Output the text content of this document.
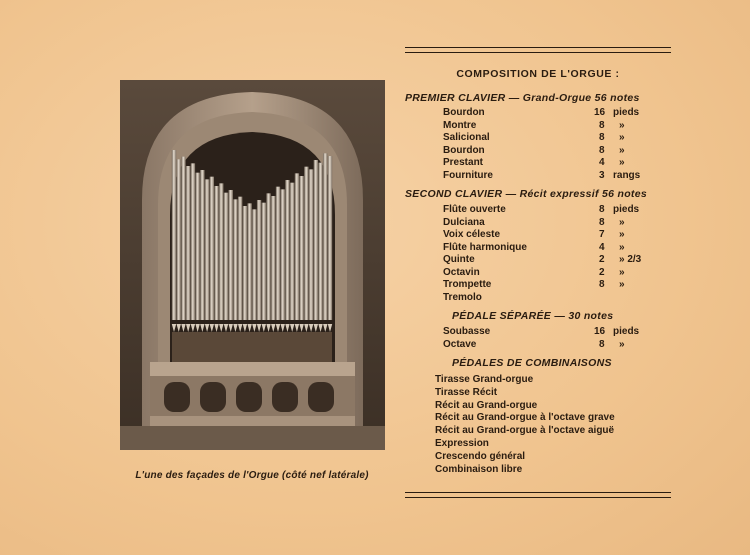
L'une des façades de l'Orgue (côté nef latérale)
COMPOSITION DE L'ORGUE :
PREMIER CLAVIER — Grand-Orgue 56 notes
Bourdon	16 pieds
Montre	8 »
Salicional	8 »
Bourdon	8 »
Prestant	4 »
Fourniture	3 rangs
SECOND CLAVIER — Récit expressif 56 notes
Flûte ouverte	8 pieds
Dulciana	8 »
Voix céleste	7 »
Flûte harmonique	4 »
Quinte	2 » 2/3
Octavin	2 »
Trompette	8 »
Tremolo
PÉDALE SÉPARÉE — 30 notes
Soubasse	16 pieds
Octave	8 »
PÉDALES DE COMBINAISONS
Tirasse Grand-orgue
Tirasse Récit
Récit au Grand-orgue
Récit au Grand-orgue à l'octave grave
Récit au Grand-orgue à l'octave aiguë
Expression
Crescendo général
Combinaison libre
